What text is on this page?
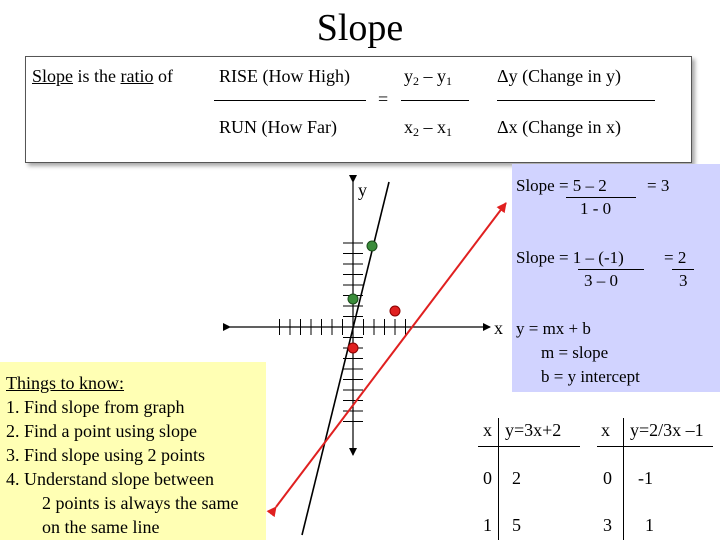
Slope
Slope is the ratio of	RISE (How High)
RUN (How Far)
=
$y_2 - y_1$
$x_2 - x_1$
Δy (Change in y)
Δx (Change in x)
y
x
Slope = 5 – 2 = 3
1 - 0
Slope = 1 – (-1) = 2
3 – 0	3
y = mx + b
m = slope
b = y intercept
Things to know:
1. Find slope from graph
2. Find a point using slope
3. Find slope using 2 points
4. Understand slope between
2 points is always the same
on the same line
x y=3x+2
0 2
1 5
x y=2/3x –1
0 -1
3 1
